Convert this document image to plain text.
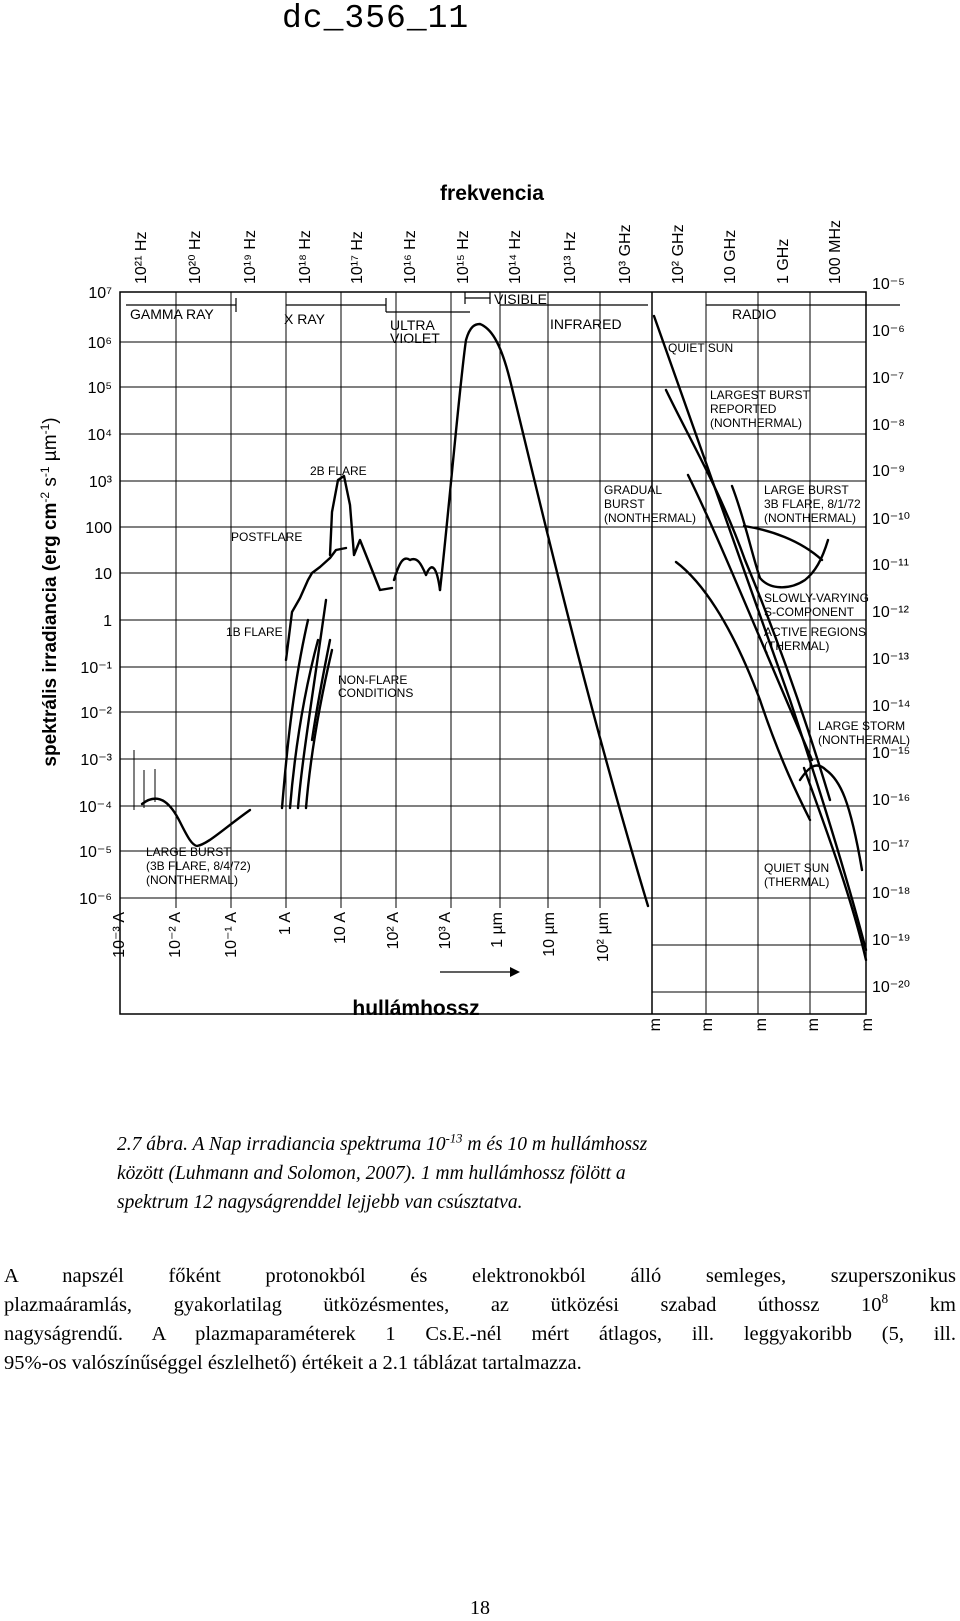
dc_356_11
GAMMA RAY	X RAY	ULTRA
VIOLET
VISIBLE
INFRARED
RADIO
2B FLARE
POSTFLARE
1B FLARE
NON-FLARE
CONDITIONS
LARGE BURST
(3B FLARE, 8/4/72)
(NONTHERMAL)
QUIET SUN
LARGEST BURST
REPORTED
(NONTHERMAL)
GRADUAL
BURST
(NONTHERMAL)
LARGE BURST
3B FLARE, 8/1/72
(NONTHERMAL)
SLOWLY-VARYING
S-COMPONENT
ACTIVE REGIONS
(THERMAL)
LARGE STORM
(NONTHERMAL)
QUIET SUN
(THERMAL)
frekvencia
hullámhossz
spektrális irradiancia (erg $cm^{-2}$ $s^{-1}$ µm$^{-1}$)
10²¹ Hz 10²⁰ Hz 10¹⁹ Hz 10¹⁸ Hz 10¹⁷ Hz 10¹⁶ Hz 10¹⁵ Hz 10¹⁴ Hz 10¹³ Hz 10³ GHz 10² GHz 10 GHz 1 GHz 100 MHz
10⁻³ A 10⁻² A 10⁻¹ A 1 A 10 A 10² A 10³ A 1 µm 10 µm 10² µm
m m m m m
10⁷
10⁶
10⁵
10⁴
10³
100
10
1
10⁻¹
10⁻²
10⁻³
10⁻⁴
10⁻⁵
10⁻⁶
10⁻⁵
10⁻⁶
10⁻⁷
10⁻⁸
10⁻⁹
10⁻¹⁰
10⁻¹¹
10⁻¹²
10⁻¹³
10⁻¹⁴
10⁻¹⁵
10⁻¹⁶
10⁻¹⁷
10⁻¹⁸
10⁻¹⁹
10⁻²⁰

2.7 ábra. A Nap irradiancia spektruma $10^{-13}$ m és 10 m hullámhossz

között (Luhmann and Solomon, 2007). 1 mm hullámhossz fölött a

spektrum 12 nagyságrenddel lejjebb van csúsztatva.

A napszél főként protonokból és elektronokból álló semleges, szuperszonikus

plazmaáramlás, gyakorlatilag ütközésmentes, az ütközési szabad úthossz $10^8$ km

nagyságrendű. A plazmaparaméterek 1 Cs.E.-nél mért átlagos, ill. leggyakoribb (5, ill.

95%-os valószínűséggel észlelhető) értékeit a 2.1 táblázat tartalmazza.

18
